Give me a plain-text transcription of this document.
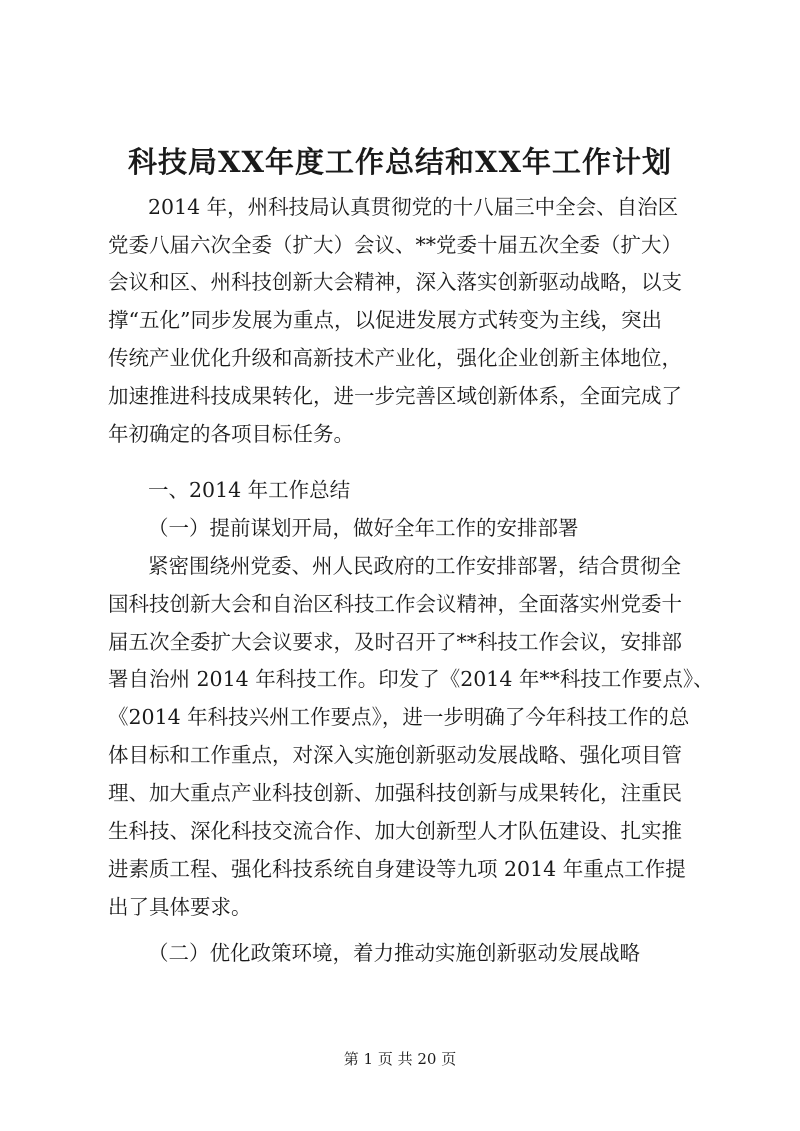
科技局XX年度工作总结和XX年工作计划
2014 年，州科技局认真贯彻党的十八届三中全会、自治区
党委八届六次全委（扩大）会议、**党委十届五次全委（扩大）
会议和区、州科技创新大会精神，深入落实创新驱动战略，以支
撑“五化”同步发展为重点，以促进发展方式转变为主线，突出
传统产业优化升级和高新技术产业化，强化企业创新主体地位，
加速推进科技成果转化，进一步完善区域创新体系，全面完成了
年初确定的各项目标任务。
一、2014 年工作总结
（一）提前谋划开局，做好全年工作的安排部署
紧密围绕州党委、州人民政府的工作安排部署，结合贯彻全
国科技创新大会和自治区科技工作会议精神，全面落实州党委十
届五次全委扩大会议要求，及时召开了**科技工作会议，安排部
署自治州 2014 年科技工作。印发了《2014 年**科技工作要点》、
《2014 年科技兴州工作要点》，进一步明确了今年科技工作的总
体目标和工作重点，对深入实施创新驱动发展战略、强化项目管
理、加大重点产业科技创新、加强科技创新与成果转化，注重民
生科技、深化科技交流合作、加大创新型人才队伍建设、扎实推
进素质工程、强化科技系统自身建设等九项 2014 年重点工作提
出了具体要求。
（二）优化政策环境，着力推动实施创新驱动发展战略
第 1 页 共 20 页
